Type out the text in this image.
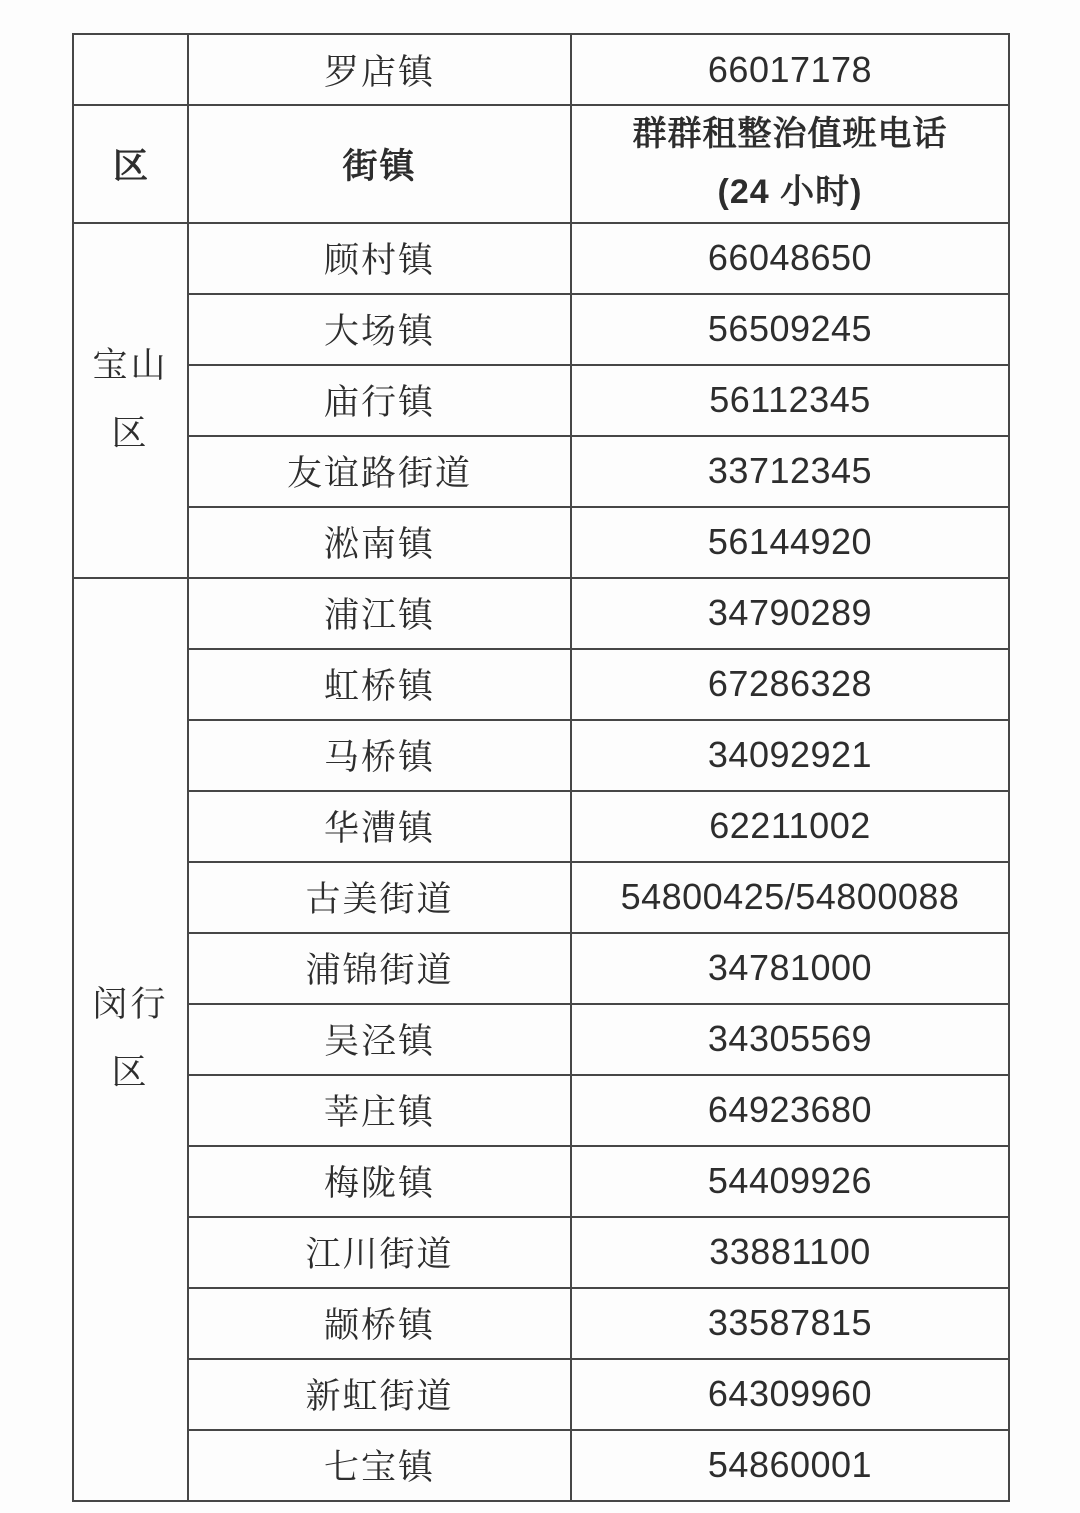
	罗店镇	66017178
区	街镇	群群租整治值班电话
(24 小时)

宝山区	顾村镇	66048650
	大场镇	56509245
	庙行镇	56112345
	友谊路街道	33712345
	淞南镇	56144920

闵行区	浦江镇	34790289
	虹桥镇	67286328
	马桥镇	34092921
	华漕镇	62211002
	古美街道	54800425/54800088
	浦锦街道	34781000
	吴泾镇	34305569
	莘庄镇	64923680
	梅陇镇	54409926
	江川街道	33881100
	颛桥镇	33587815
	新虹街道	64309960
	七宝镇	54860001
